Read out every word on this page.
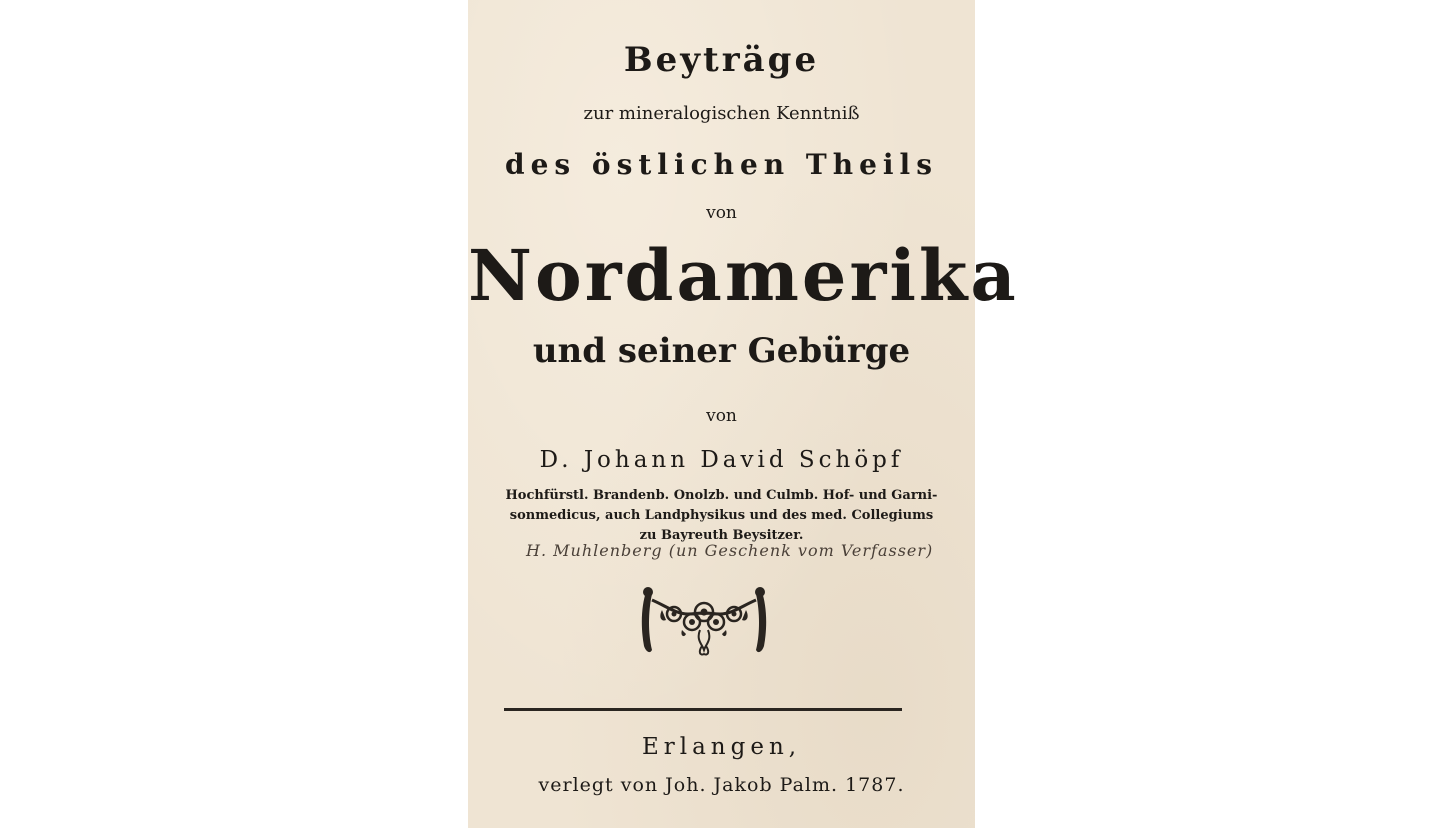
Beyträge
zur mineralogischen Kenntniß
des östlichen Theils
von
Nordamerika
und seiner Gebürge
von
D. Johann David Schöpf
Hochfürstl. Brandenb. Onolzb. und Culmb. Hof- und Garni-
sonmedicus, auch Landphysikus und des med. Collegiums
zu Bayreuth Beysitzer.
H. Muhlenberg (un Geschenk vom Verfasser)
Erlangen,
verlegt von Joh. Jakob Palm. 1787.
